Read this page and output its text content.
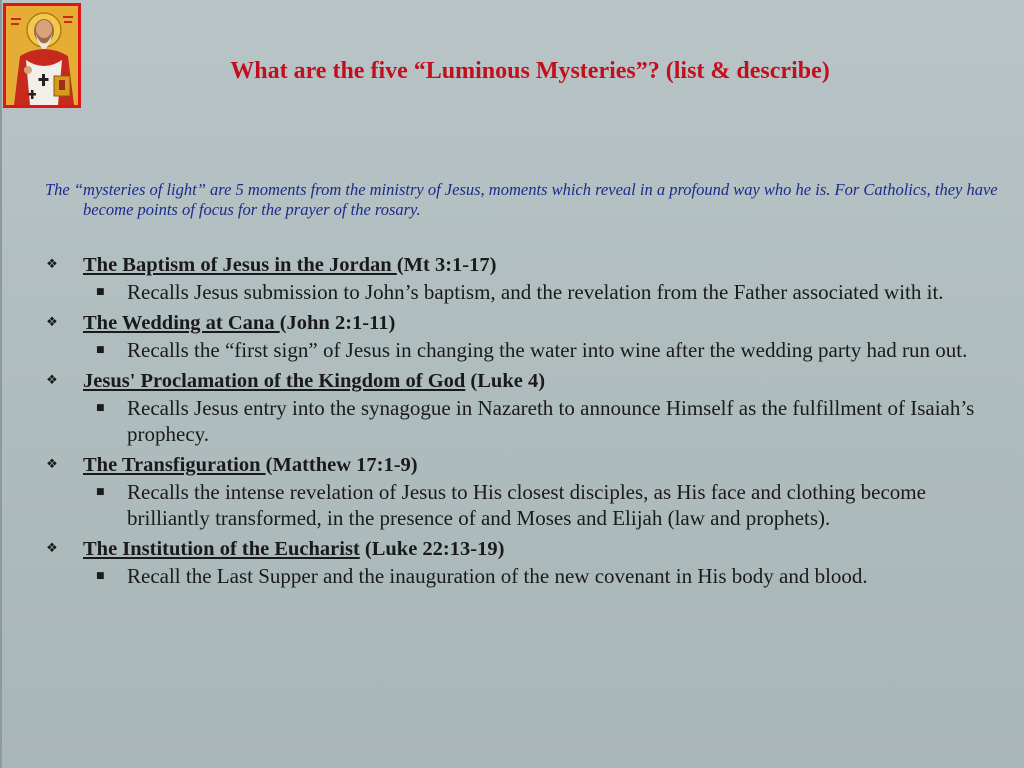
What are the five “Luminous Mysteries”? (list & describe)
The “mysteries of light” are 5 moments from the ministry of Jesus, moments which reveal in a profound way who he is. For Catholics, they have become points of focus for the prayer of the rosary.
❖ The Baptism of Jesus in the Jordan (Mt 3:1-17)
■ Recalls Jesus submission to John’s baptism, and the revelation from the Father associated with it.
❖ The Wedding at Cana (John 2:1-11)
■ Recalls the “first sign” of Jesus in changing the water into wine after the wedding party had run out.
❖ Jesus' Proclamation of the Kingdom of God (Luke 4)
■ Recalls Jesus entry into the synagogue in Nazareth to announce Himself as the fulfillment of Isaiah’s prophecy.
❖ The Transfiguration (Matthew 17:1-9)
■ Recalls the intense revelation of Jesus to His closest disciples, as His face and clothing become brilliantly transformed, in the presence of and Moses and Elijah (law and prophets).
❖ The Institution of the Eucharist (Luke 22:13-19)
■ Recall the Last Supper and the inauguration of the new covenant in His body and blood.
